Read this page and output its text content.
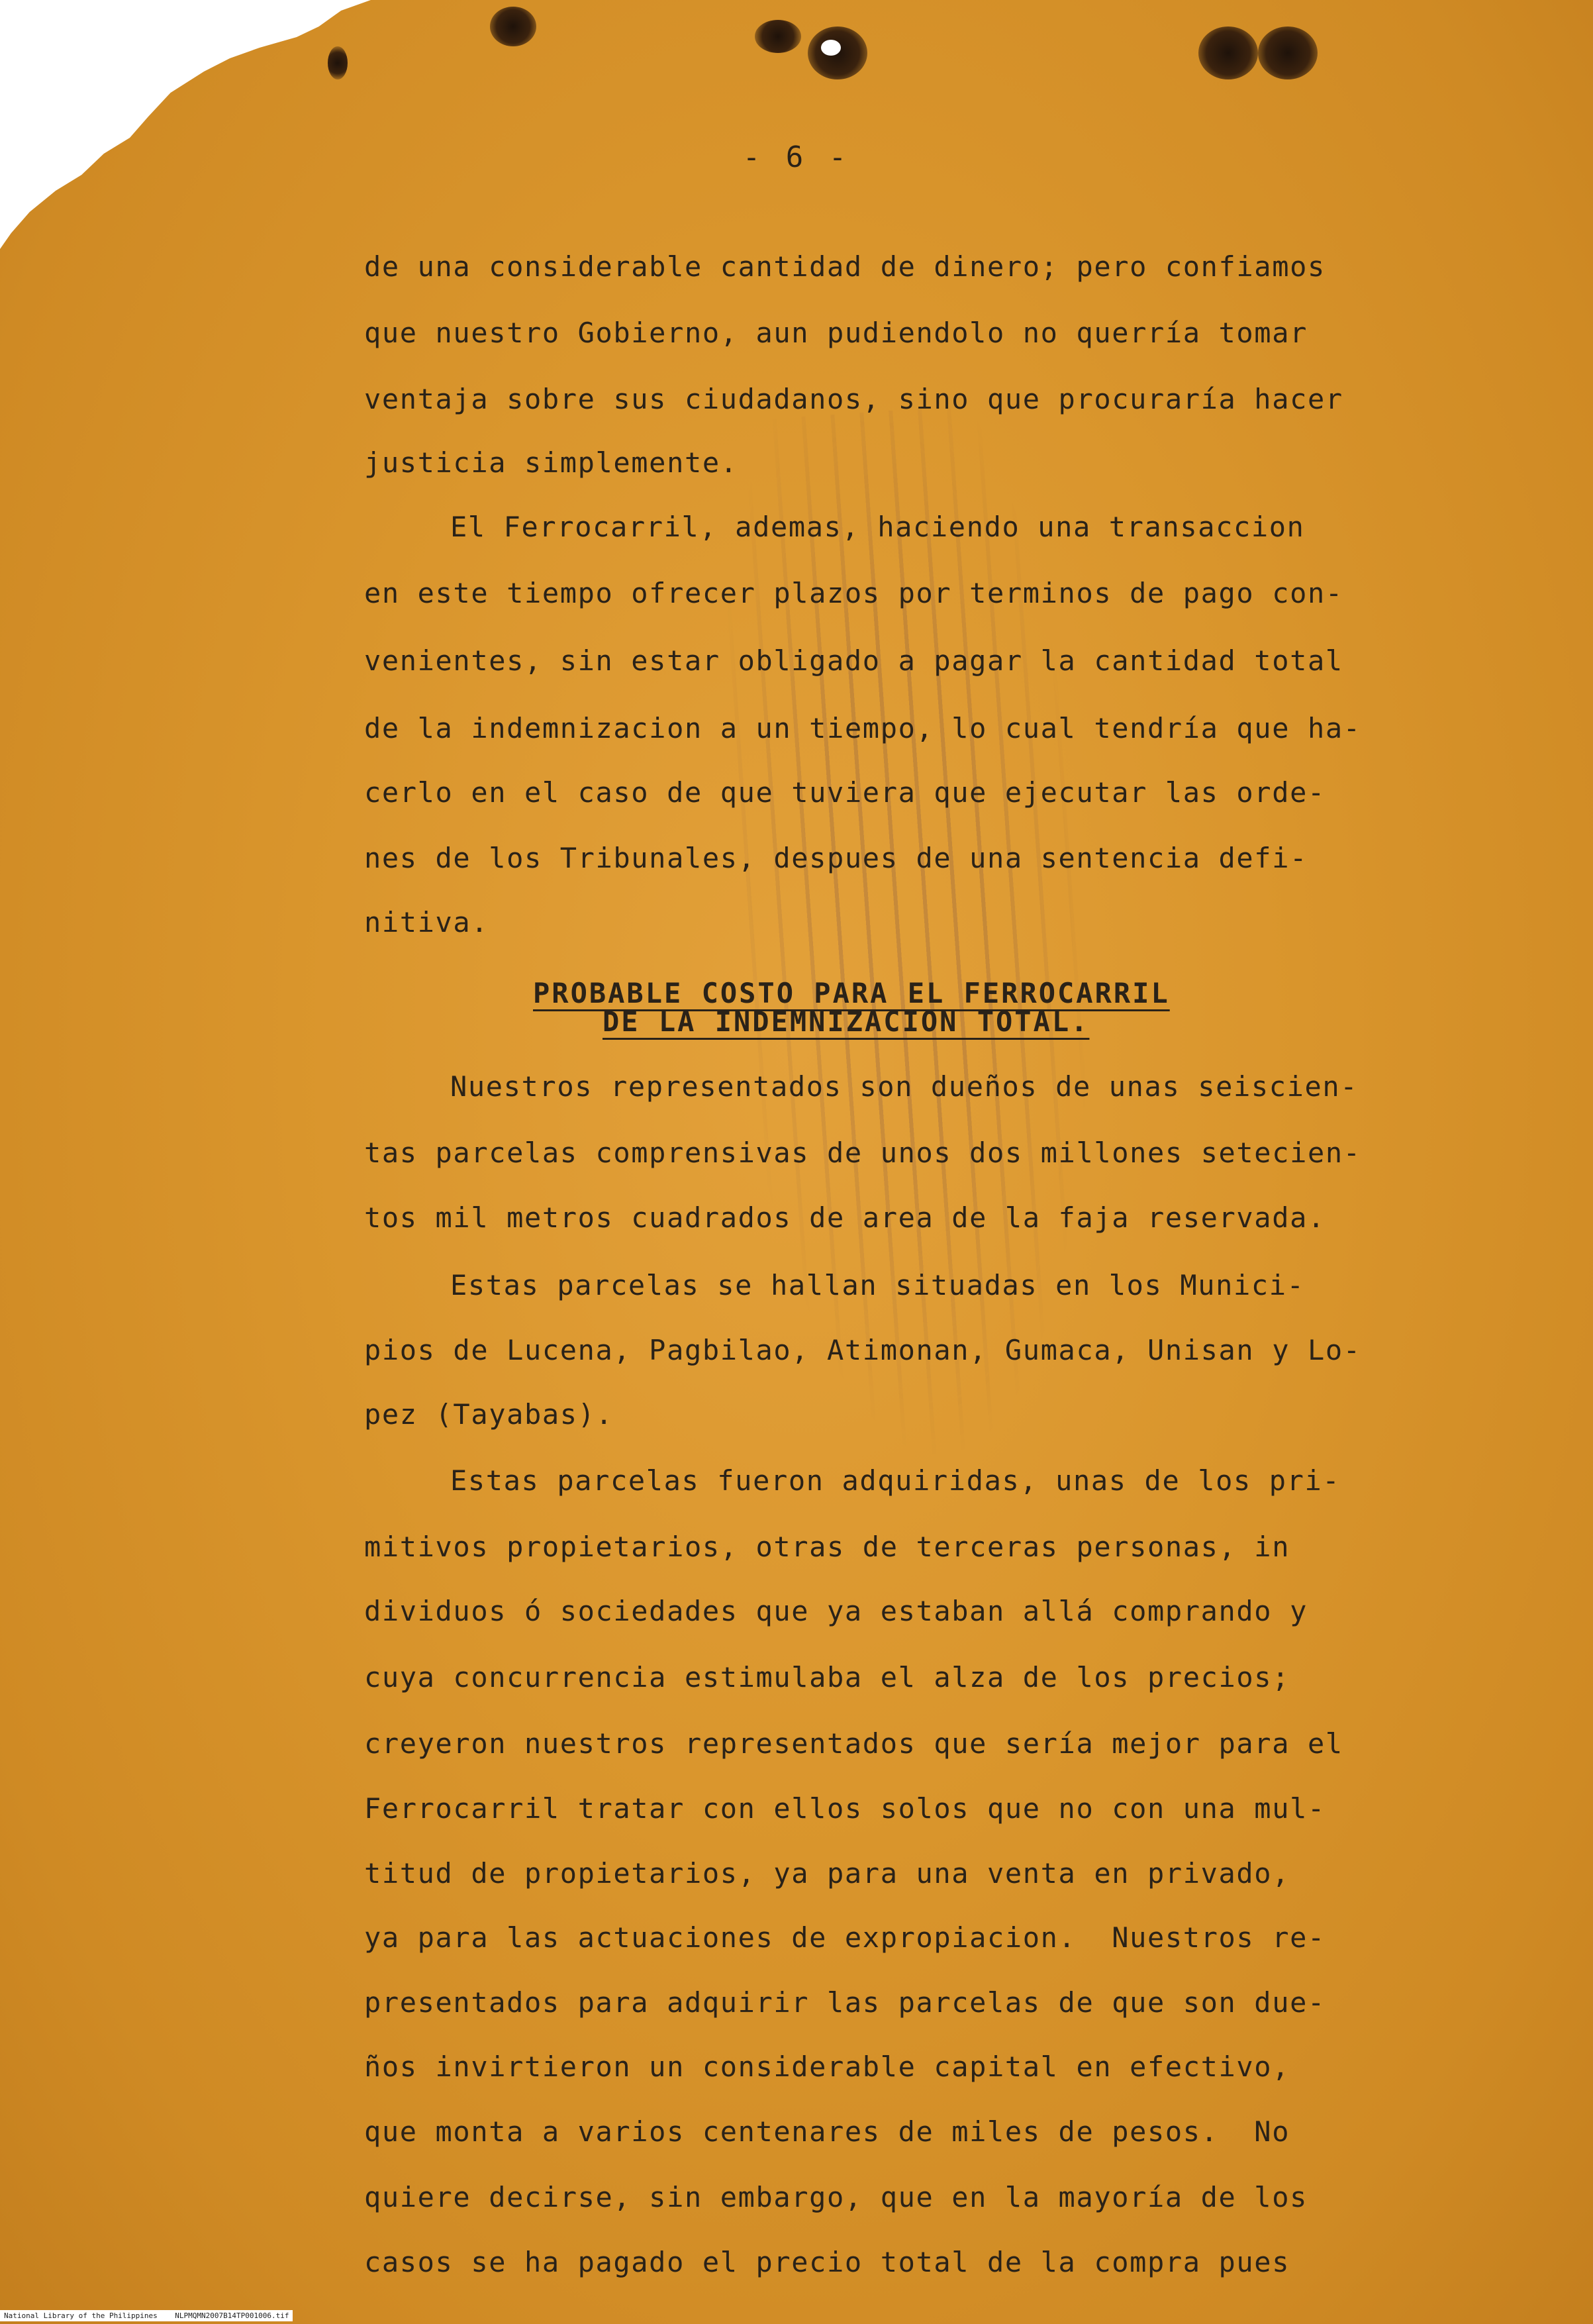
- 6 -
de una considerable cantidad de dinero; pero confiamos
que nuestro Gobierno, aun pudiendolo no querría tomar
ventaja sobre sus ciudadanos, sino que procuraría hacer
justicia simplemente.
El Ferrocarril, ademas, haciendo una transaccion
en este tiempo ofrecer plazos por terminos de pago con-
venientes, sin estar obligado a pagar la cantidad total
de la indemnizacion a un tiempo, lo cual tendría que ha-
cerlo en el caso de que tuviera que ejecutar las orde-
nes de los Tribunales, despues de una sentencia defi-
nitiva.
Nuestros representados son dueños de unas seiscien-
tas parcelas comprensivas de unos dos millones setecien-
tos mil metros cuadrados de area de la faja reservada.
Estas parcelas se hallan situadas en los Munici-
pios de Lucena, Pagbilao, Atimonan, Gumaca, Unisan y Lo-
pez (Tayabas).
Estas parcelas fueron adquiridas, unas de los pri-
mitivos propietarios, otras de terceras personas, in
dividuos ó sociedades que ya estaban allá comprando y
cuya concurrencia estimulaba el alza de los precios;
creyeron nuestros representados que sería mejor para el
Ferrocarril tratar con ellos solos que no con una mul-
titud de propietarios, ya para una venta en privado,
ya para las actuaciones de expropiacion.  Nuestros re-
presentados para adquirir las parcelas de que son due-
ños invirtieron un considerable capital en efectivo,
que monta a varios centenares de miles de pesos.  No
quiere decirse, sin embargo, que en la mayoría de los
casos se ha pagado el precio total de la compra pues
PROBABLE COSTO PARA EL FERROCARRIL
DE LA INDEMNIZACION TOTAL.
National Library of the Philippines    NLPMQMN2007B14TP001006.tif
